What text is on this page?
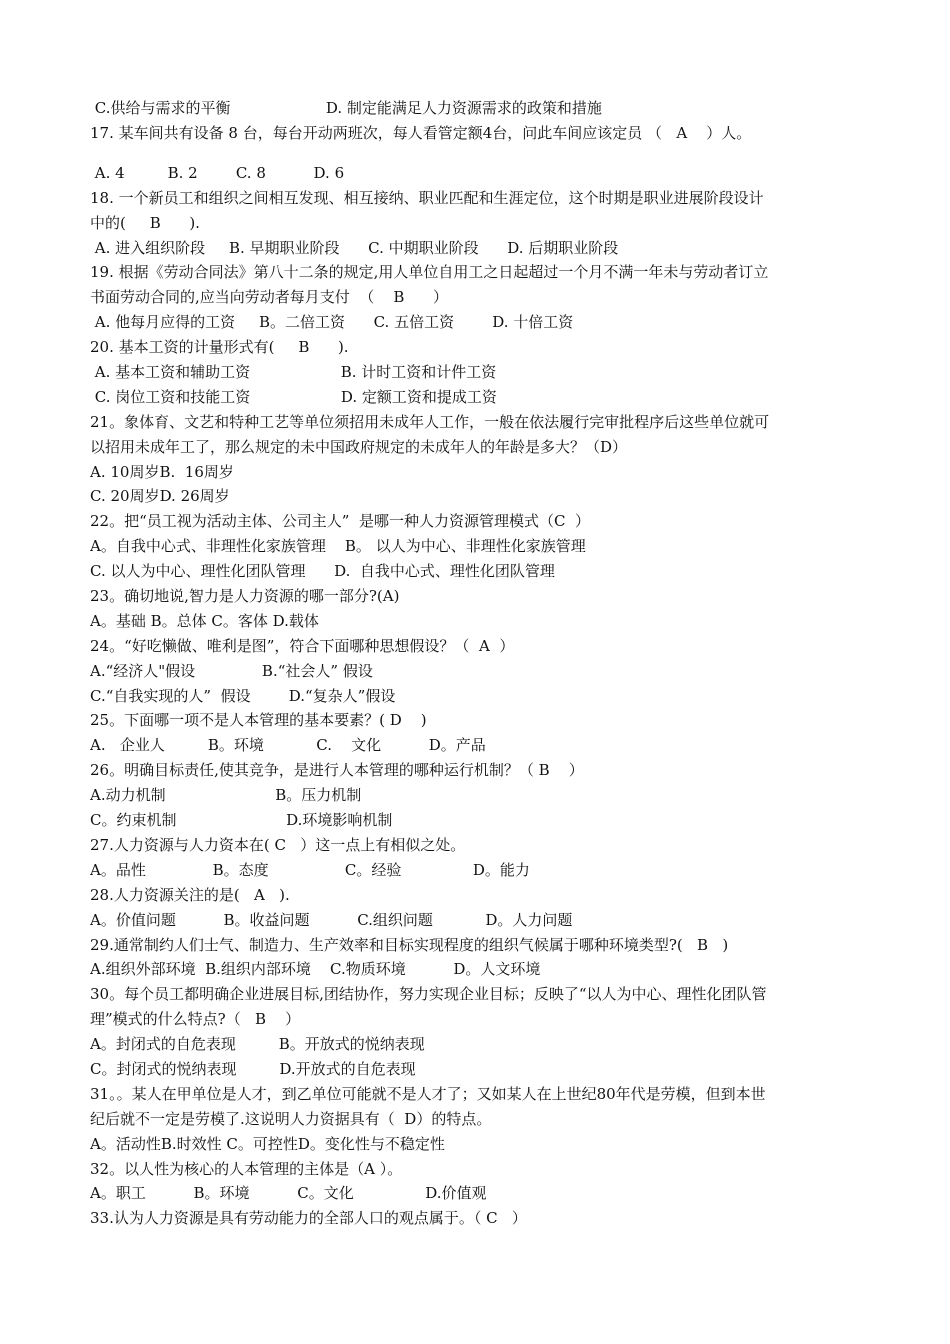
C.供给与需求的平衡                    D. 制定能满足人力资源需求的政策和措施
17. 某车间共有设备 8 台，每台开动两班次，每人看管定额4台，问此车间应该定员 （   A    ）人。
A. 4         B. 2        C. 8          D. 6
18. 一个新员工和组织之间相互发现、相互接纳、职业匹配和生涯定位，这个时期是职业进展阶段设计
中的(     B      ).
A. 进入组织阶段     B. 早期职业阶段      C. 中期职业阶段      D. 后期职业阶段
19. 根据《劳动合同法》第八十二条的规定,用人单位自用工之日起超过一个月不满一年未与劳动者订立
书面劳动合同的,应当向劳动者每月支付  （    B      ）
A. 他每月应得的工资     B。二倍工资      C. 五倍工资        D. 十倍工资
20. 基本工资的计量形式有(     B      ).
A. 基本工资和辅助工资                   B. 计时工资和计件工资
C. 岗位工资和技能工资                   D. 定额工资和提成工资
21。象体育、文艺和特种工艺等单位须招用未成年人工作，一般在依法履行完审批程序后这些单位就可
以招用未成年工了，那么规定的未中国政府规定的未成年人的年龄是多大？（D）
A. 10周岁B.  16周岁
C. 20周岁D. 26周岁
22。把“员工视为活动主体、公司主人”  是哪一种人力资源管理模式（C  ）
A。自我中心式、非理性化家族管理    B。 以人为中心、非理性化家族管理
C. 以人为中心、理性化团队管理      D.  自我中心式、理性化团队管理
23。确切地说,智力是人力资源的哪一部分?(A)
A。基础 B。总体 C。客体 D.载体
24。“好吃懒做、唯利是图”，符合下面哪种思想假设？（  A  ）
A.“经济人"假设              B.“社会人” 假设
C.“自我实现的人”  假设        D.“复杂人”假设
25。下面哪一项不是人本管理的基本要素？( D    )
A.   企业人         B。环境           C.    文化          D。产品
26。明确目标责任,使其竞争，是进行人本管理的哪种运行机制？（ B    ）
A.动力机制                       B。压力机制
C。约束机制                       D.环境影响机制
27.人力资源与人力资本在( C   ）这一点上有相似之处。
A。品性              B。态度                C。经验               D。能力
28.人力资源关注的是(   A   ).
A。价值问题          B。收益问题          C.组织问题           D。人力问题
29.通常制约人们士气、制造力、生产效率和目标实现程度的组织气候属于哪种环境类型?(   B   )
A.组织外部环境  B.组织内部环境    C.物质环境          D。人文环境
30。每个员工都明确企业进展目标,团结协作，努力实现企业目标；反映了“以人为中心、理性化团队管
理”模式的什么特点?（   B    ）
A。封闭式的自危表现         B。开放式的悦纳表现
C。封闭式的悦纳表现         D.开放式的自危表现
31。。某人在甲单位是人才，到乙单位可能就不是人才了；又如某人在上世纪80年代是劳模，但到本世
纪后就不一定是劳模了.这说明人力资据具有（  D）的特点。
A。活动性B.时效性 C。可控性D。变化性与不稳定性
32。以人性为核心的人本管理的主体是（A ）。
A。职工          B。环境          C。文化               D.价值观
33.认为人力资源是具有劳动能力的全部人口的观点属于。（ C   ）
